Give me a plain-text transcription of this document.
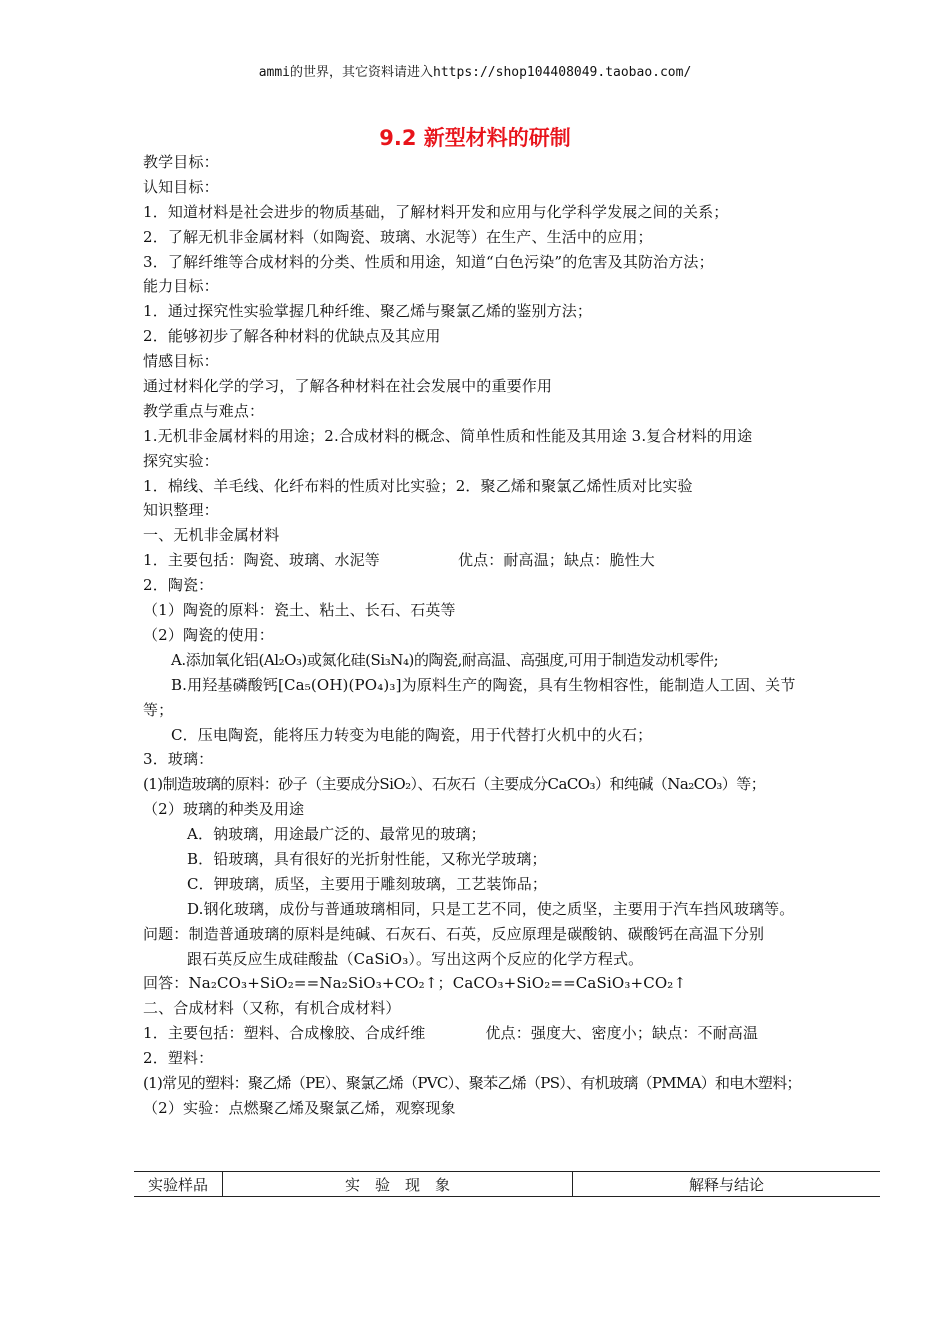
ammi的世界，其它资料请进入https://shop104408049.taobao.com/
9.2 新型材料的研制
教学目标：
认知目标：
1．知道材料是社会进步的物质基础，了解材料开发和应用与化学科学发展之间的关系；
2．了解无机非金属材料（如陶瓷、玻璃、水泥等）在生产、生活中的应用；
3．了解纤维等合成材料的分类、性质和用途，知道“白色污染”的危害及其防治方法；
能力目标：
1．通过探究性实验掌握几种纤维、聚乙烯与聚氯乙烯的鉴别方法；
2．能够初步了解各种材料的优缺点及其应用
情感目标：
通过材料化学的学习，了解各种材料在社会发展中的重要作用
教学重点与难点：
1.无机非金属材料的用途；2.合成材料的概念、简单性质和性能及其用途 3.复合材料的用途
探究实验：
1．棉线、羊毛线、化纤布料的性质对比实验；2．聚乙烯和聚氯乙烯性质对比实验
知识整理：
一、无机非金属材料
1．主要包括：陶瓷、玻璃、水泥等	优点：耐高温；缺点：脆性大
2．陶瓷：
（1）陶瓷的原料：瓷土、粘土、长石、石英等
（2）陶瓷的使用：
A.添加氧化铝(Al₂O₃)或氮化硅(Si₃N₄)的陶瓷,耐高温、高强度,可用于制造发动机零件;
B.用羟基磷酸钙[Ca₅(OH)(PO₄)₃]为原料生产的陶瓷，具有生物相容性，能制造人工固、关节等；
C．压电陶瓷，能将压力转变为电能的陶瓷，用于代替打火机中的火石；
3．玻璃：
(1)制造玻璃的原料：砂子（主要成分SiO₂）、石灰石（主要成分CaCO₃）和纯碱（Na₂CO₃）等；
（2）玻璃的种类及用途
A．钠玻璃，用途最广泛的、最常见的玻璃；
B．铅玻璃，具有很好的光折射性能，又称光学玻璃；
C．钾玻璃，质坚，主要用于雕刻玻璃，工艺装饰品；
D.钢化玻璃，成份与普通玻璃相同，只是工艺不同，使之质坚，主要用于汽车挡风玻璃等。
问题：制造普通玻璃的原料是纯碱、石灰石、石英，反应原理是碳酸钠、碳酸钙在高温下分别
跟石英反应生成硅酸盐（CaSiO₃）。写出这两个反应的化学方程式。
回答：Na₂CO₃+SiO₂==Na₂SiO₃+CO₂↑；CaCO₃+SiO₂==CaSiO₃+CO₂↑
二、合成材料（又称，有机合成材料）
1．主要包括：塑料、合成橡胶、合成纤维	优点：强度大、密度小；缺点：不耐高温
2．塑料：
(1)常见的塑料：聚乙烯（PE）、聚氯乙烯（PVC）、聚苯乙烯（PS）、有机玻璃（PMMA）和电木塑料；
（2）实验：点燃聚乙烯及聚氯乙烯，观察现象
实验样品	实　验　现　象	解释与结论
